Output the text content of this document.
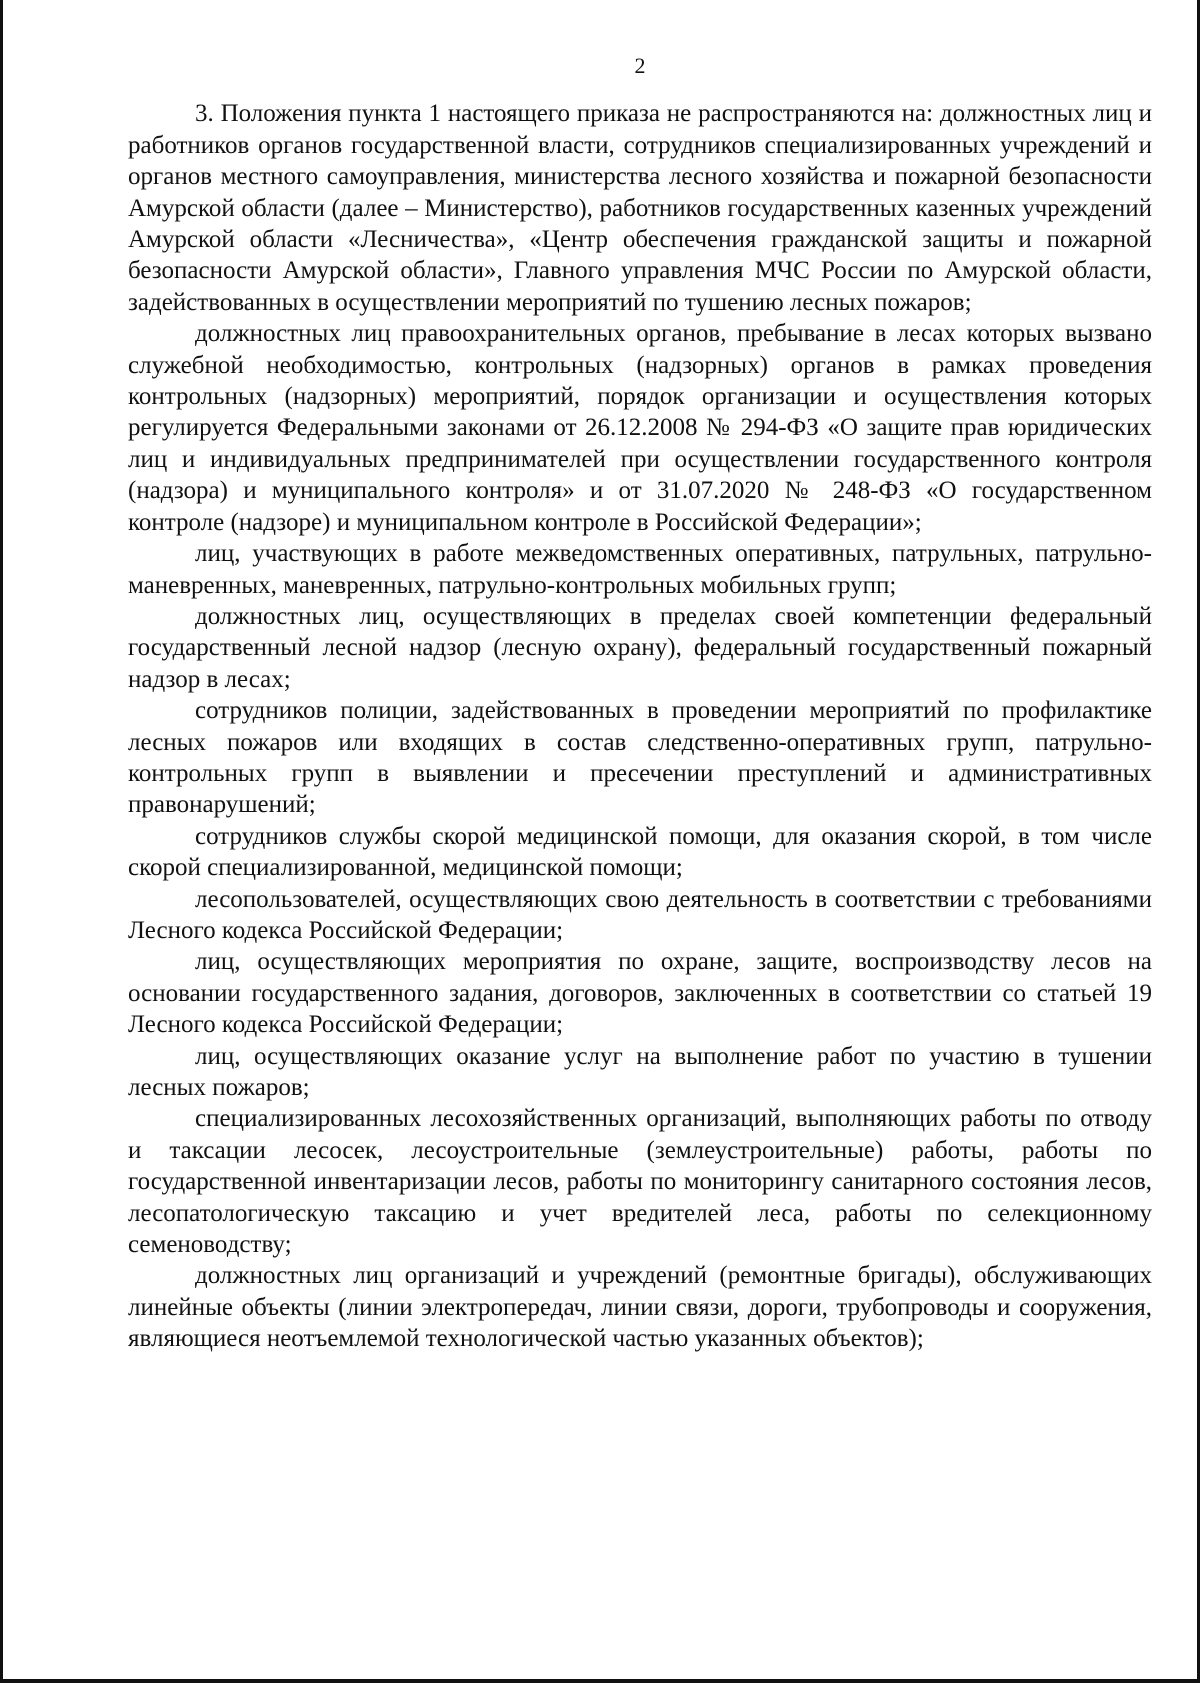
2

3. Положения пункта 1 настоящего приказа не распространяются на: должностных лиц и работников органов государственной власти, сотрудников специализированных учреждений и органов местного самоуправления, министерства лесного хозяйства и пожарной безопасности Амурской области (далее – Министерство), работников государственных казенных учреждений Амурской области «Лесничества», «Центр обеспечения гражданской защиты и пожарной безопасности Амурской области», Главного управления МЧС России по Амурской области, задействованных в осуществлении мероприятий по тушению лесных пожаров;

должностных лиц правоохранительных органов, пребывание в лесах которых вызвано служебной необходимостью, контрольных (надзорных) органов в рамках проведения контрольных (надзорных) мероприятий, порядок организации и осуществления которых регулируется Федеральными законами от 26.12.2008 № 294-ФЗ «О защите прав юридических лиц и индивидуальных предпринимателей при осуществлении государственного контроля (надзора) и муниципального контроля» и от 31.07.2020 № 248-ФЗ «О государственном контроле (надзоре) и муниципальном контроле в Российской Федерации»;

лиц, участвующих в работе межведомственных оперативных, патрульных, патрульно-маневренных, маневренных, патрульно-контрольных мобильных групп;

должностных лиц, осуществляющих в пределах своей компетенции федеральный государственный лесной надзор (лесную охрану), федеральный государственный пожарный надзор в лесах;

сотрудников полиции, задействованных в проведении мероприятий по профилактике лесных пожаров или входящих в состав следственно-оперативных групп, патрульно-контрольных групп в выявлении и пресечении преступлений и административных правонарушений;

сотрудников службы скорой медицинской помощи, для оказания скорой, в том числе скорой специализированной, медицинской помощи;

лесопользователей, осуществляющих свою деятельность в соответствии с требованиями Лесного кодекса Российской Федерации;

лиц, осуществляющих мероприятия по охране, защите, воспроизводству лесов на основании государственного задания, договоров, заключенных в соответствии со статьей 19 Лесного кодекса Российской Федерации;

лиц, осуществляющих оказание услуг на выполнение работ по участию в тушении лесных пожаров;

специализированных лесохозяйственных организаций, выполняющих работы по отводу и таксации лесосек, лесоустроительные (землеустроительные) работы, работы по государственной инвентаризации лесов, работы по мониторингу санитарного состояния лесов, лесопатологическую таксацию и учет вредителей леса, работы по селекционному семеноводству;

должностных лиц организаций и учреждений (ремонтные бригады), обслуживающих линейные объекты (линии электропередач, линии связи, дороги, трубопроводы и сооружения, являющиеся неотъемлемой технологической частью указанных объектов);
